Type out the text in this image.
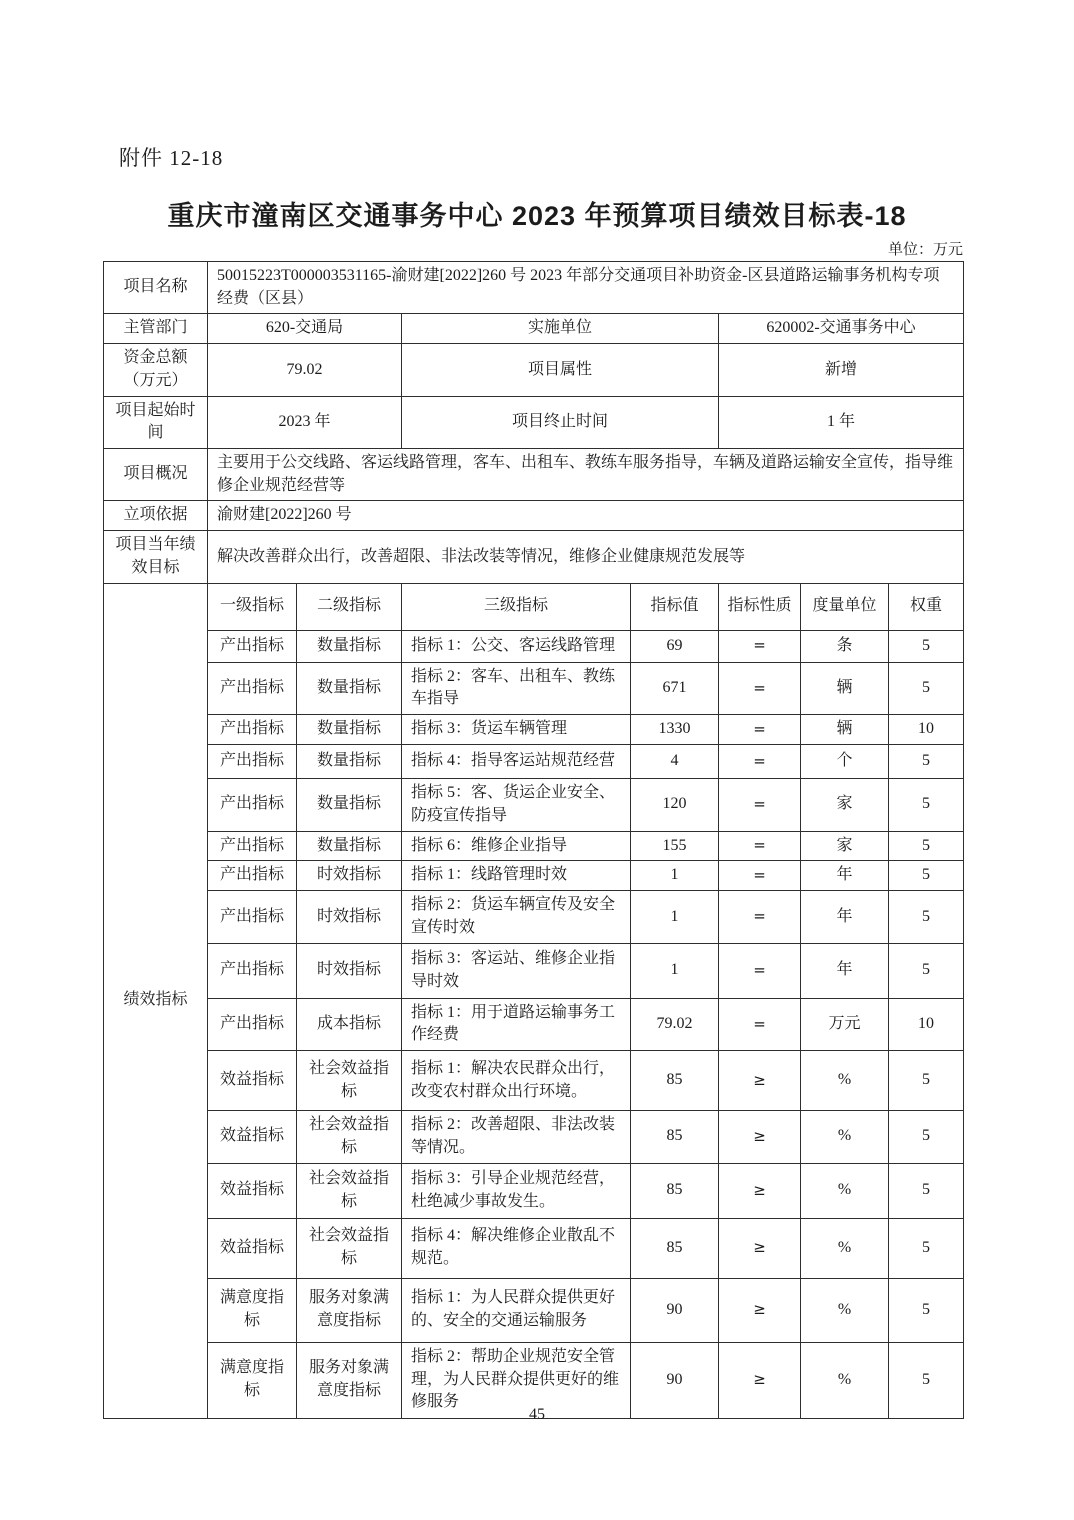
附件 12-18
重庆市潼南区交通事务中心 2023 年预算项目绩效目标表-18
单位：万元
项目名称	50015223T000003531165-渝财建[2022]260 号 2023 年部分交通项目补助资金-区县道路运输事务机构专项经费（区县）						
主管部门	620-交通局		实施单位		620002-交通事务中心		
资金总额（万元）	79.02		项目属性		新增		
项目起始时间	2023 年		项目终止时间		1 年		
项目概况	主要用于公交线路、客运线路管理，客车、出租车、教练车服务指导，车辆及道路运输安全宣传，指导维修企业规范经营等						
立项依据	渝财建[2022]260 号						
项目当年绩效目标	解决改善群众出行，改善超限、非法改装等情况，维修企业健康规范发展等						
绩效指标	一级指标	二级指标	三级指标	指标值	指标性质	度量单位	权重
	产出指标	数量指标	指标 1：公交、客运线路管理	69	=	条	5
	产出指标	数量指标	指标 2：客车、出租车、教练车指导	671	=	辆	5
	产出指标	数量指标	指标 3：货运车辆管理	1330	=	辆	10
	产出指标	数量指标	指标 4：指导客运站规范经营	4	=	个	5
	产出指标	数量指标	指标 5：客、货运企业安全、防疫宣传指导	120	=	家	5
	产出指标	数量指标	指标 6：维修企业指导	155	=	家	5
	产出指标	时效指标	指标 1：线路管理时效	1	=	年	5
	产出指标	时效指标	指标 2：货运车辆宣传及安全宣传时效	1	=	年	5
	产出指标	时效指标	指标 3：客运站、维修企业指导时效	1	=	年	5
	产出指标	成本指标	指标 1：用于道路运输事务工作经费	79.02	=	万元	10
	效益指标	社会效益指标	指标 1：解决农民群众出行，改变农村群众出行环境。	85	≥	%	5
	效益指标	社会效益指标	指标 2：改善超限、非法改装等情况。	85	≥	%	5
	效益指标	社会效益指标	指标 3：引导企业规范经营，杜绝减少事故发生。	85	≥	%	5
	效益指标	社会效益指标	指标 4：解决维修企业散乱不规范。	85	≥	%	5
	满意度指标	服务对象满意度指标	指标 1：为人民群众提供更好的、安全的交通运输服务	90	≥	%	5
	满意度指标	服务对象满意度指标	指标 2：帮助企业规范安全管理，为人民群众提供更好的维修服务	90	≥	%	5
45
